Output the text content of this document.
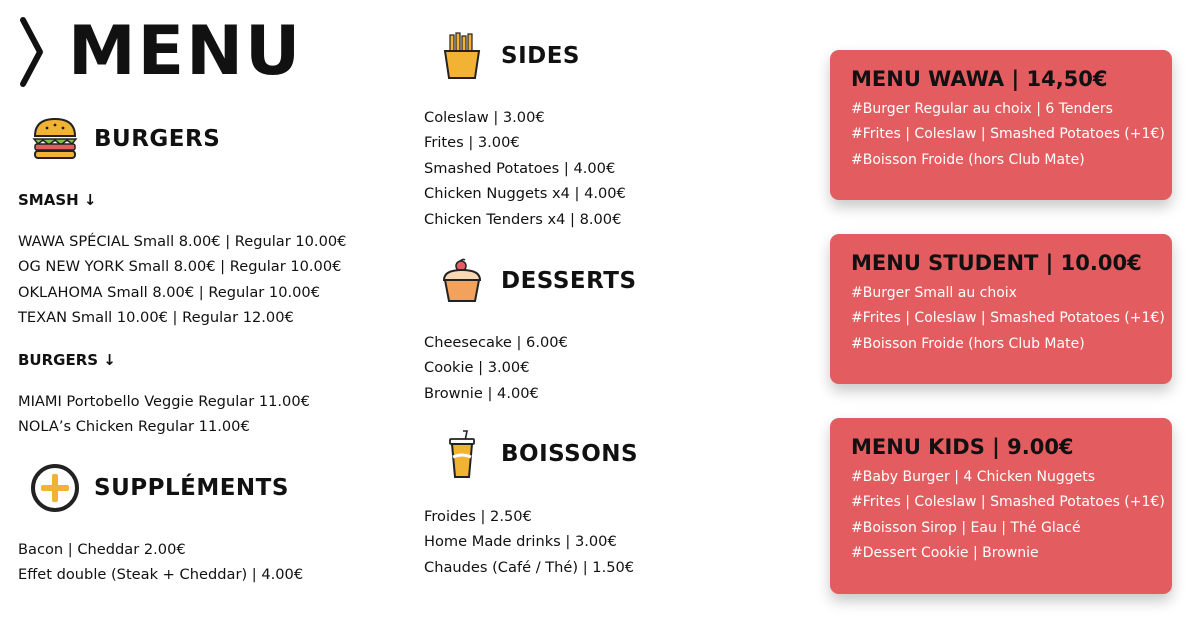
MENU
BURGERS
SMASH ↓
WAWA SPÉCIAL Small 8.00€ | Regular 10.00€
OG NEW YORK Small 8.00€ | Regular 10.00€
OKLAHOMA Small 8.00€ | Regular 10.00€
TEXAN Small 10.00€ | Regular 12.00€
BURGERS ↓
MIAMI Portobello Veggie Regular 11.00€
NOLA’s Chicken Regular 11.00€
SUPPLÉMENTS
Bacon | Cheddar 2.00€
Effet double (Steak + Cheddar) | 4.00€
SIDES
Coleslaw | 3.00€
Frites | 3.00€
Smashed Potatoes | 4.00€
Chicken Nuggets x4 | 4.00€
Chicken Tenders x4 | 8.00€
DESSERTS
Cheesecake | 6.00€
Cookie | 3.00€
Brownie | 4.00€
BOISSONS
Froides | 2.50€
Home Made drinks | 3.00€
Chaudes (Café / Thé) | 1.50€
MENU WAWA | 14,50€
#Burger Regular au choix | 6 Tenders
#Frites | Coleslaw | Smashed Potatoes (+1€)
#Boisson Froide (hors Club Mate)
MENU STUDENT | 10.00€
#Burger Small au choix
#Frites | Coleslaw | Smashed Potatoes (+1€)
#Boisson Froide (hors Club Mate)
MENU KIDS | 9.00€
#Baby Burger | 4 Chicken Nuggets
#Frites | Coleslaw | Smashed Potatoes (+1€)
#Boisson Sirop | Eau | Thé Glacé
#Dessert Cookie | Brownie
